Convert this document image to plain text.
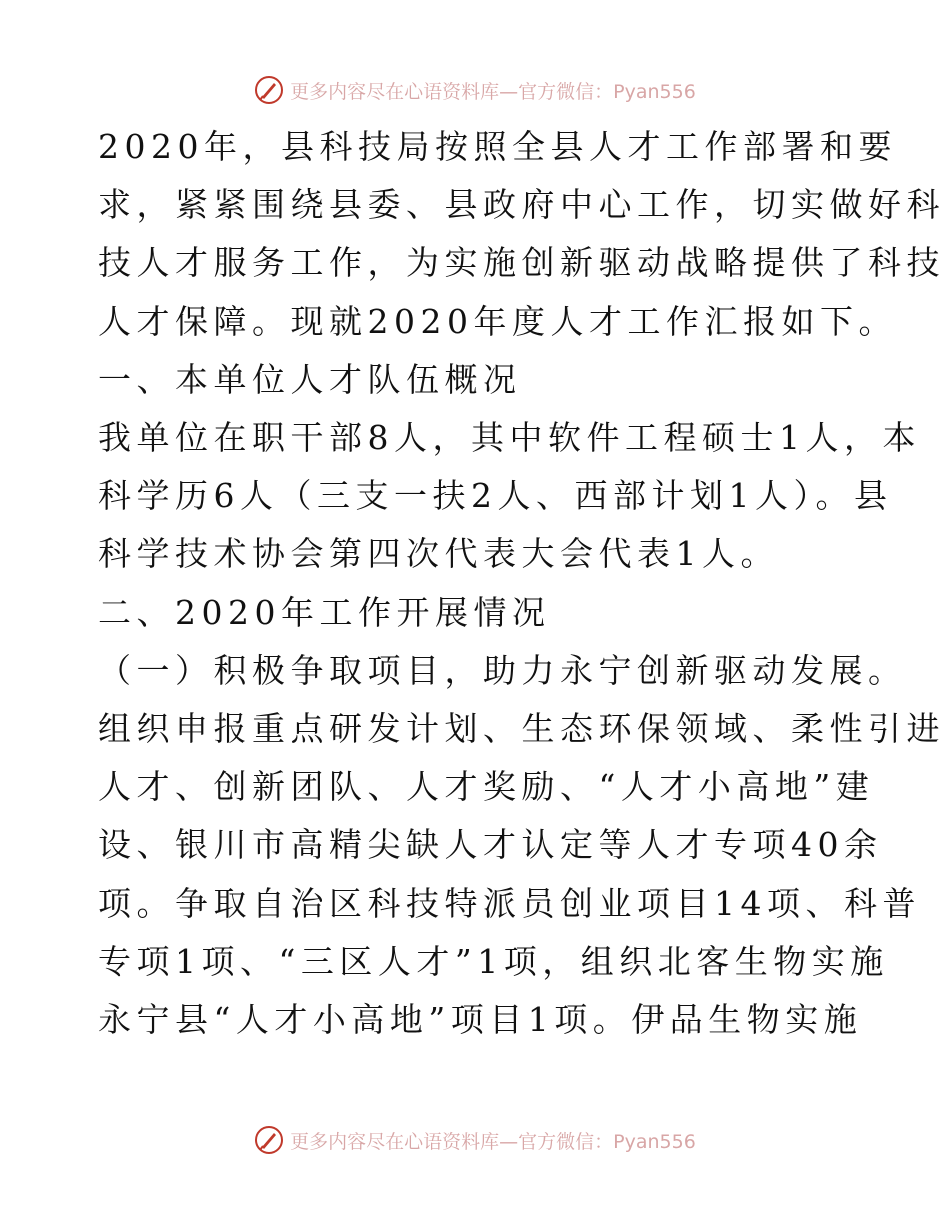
更多内容尽在心语资料库—官方微信：Pyan556
2020年，县科技局按照全县人才工作部署和要
求，紧紧围绕县委、县政府中心工作，切实做好科
技人才服务工作，为实施创新驱动战略提供了科技
人才保障。现就2020年度人才工作汇报如下。
一、本单位人才队伍概况
我单位在职干部8人，其中软件工程硕士1人，本
科学历6人（三支一扶2人、西部计划1人）。县
科学技术协会第四次代表大会代表1人。
二、2020年工作开展情况
（一）积极争取项目，助力永宁创新驱动发展。
组织申报重点研发计划、生态环保领域、柔性引进
人才、创新团队、人才奖励、“人才小高地”建
设、银川市高精尖缺人才认定等人才专项40余
项。争取自治区科技特派员创业项目14项、科普
专项1项、“三区人才”1项，组织北客生物实施
永宁县“人才小高地”项目1项。伊品生物实施
更多内容尽在心语资料库—官方微信：Pyan556
